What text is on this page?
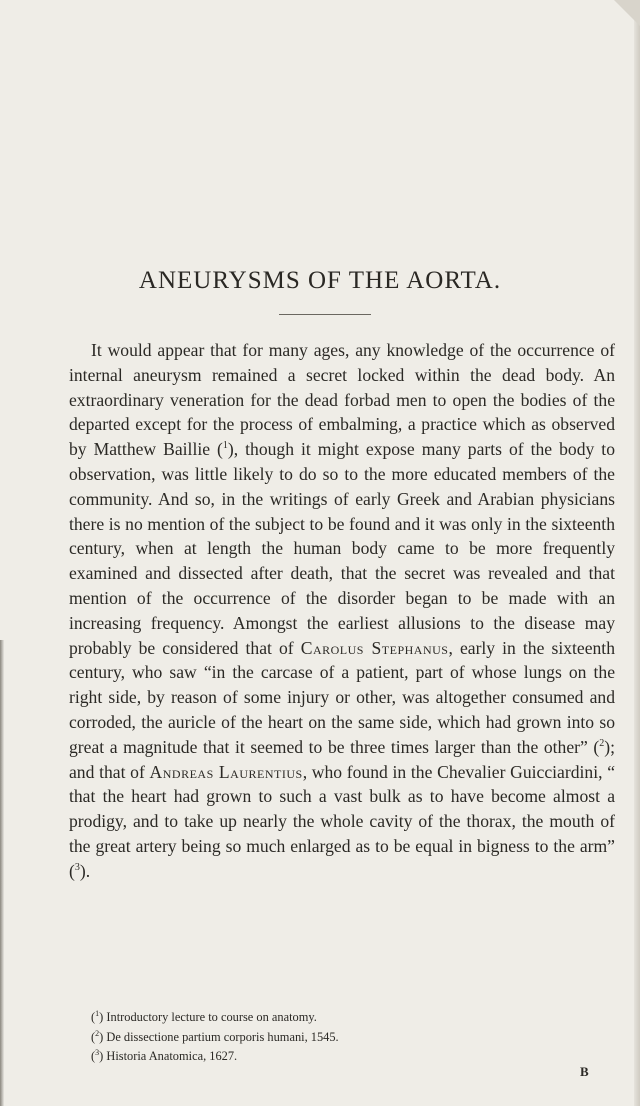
ANEURYSMS OF THE AORTA.
It would appear that for many ages, any knowledge of the occurrence of internal aneurysm remained a secret locked within the dead body. An extraordinary veneration for the dead forbad men to open the bodies of the departed except for the process of embalming, a practice which as observed by Matthew Baillie ($^1$), though it might expose many parts of the body to observation, was little likely to do so to the more educated members of the community. And so, in the writings of early Greek and Arabian physicians there is no mention of the subject to be found and it was only in the sixteenth century, when at length the human body came to be more frequently examined and dissected after death, that the secret was revealed and that mention of the occurrence of the disorder began to be made with an increasing frequency. Amongst the earliest allusions to the disease may probably be considered that of Carolus Stephanus, early in the sixteenth century, who saw “in the carcase of a patient, part of whose lungs on the right side, by reason of some injury or other, was altogether consumed and corroded, the auricle of the heart on the same side, which had grown into so great a magnitude that it seemed to be three times larger than the other” ($^2$); and that of Andreas Laurentius, who found in the Chevalier Guicciardini, “ that the heart had grown to such a vast bulk as to have become almost a prodigy, and to take up nearly the whole cavity of the thorax, the mouth of the great artery being so much enlarged as to be equal in bigness to the arm” ($^3$).
($^1$) Introductory lecture to course on anatomy.
($^2$) De dissectione partium corporis humani, 1545.
($^3$) Historia Anatomica, 1627.
B
